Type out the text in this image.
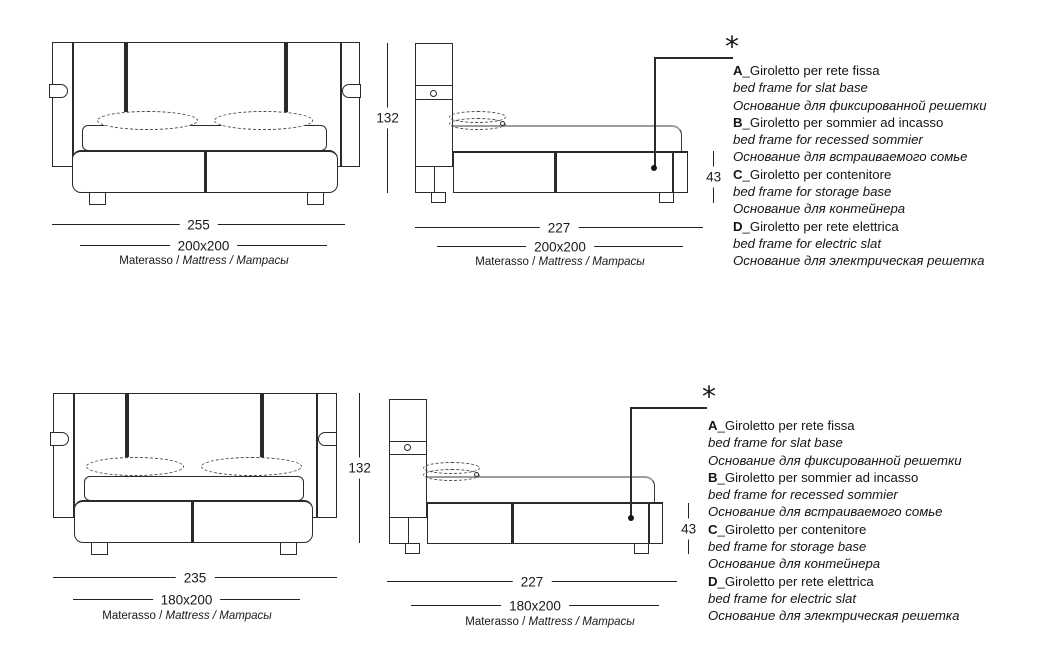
255
200x200
Materasso / Mattress / Матрасы
132
227
200x200
Materasso / Mattress / Матрасы
43
*
A_Giroletto per rete fissa
bed frame for slat base
Основание для фиксированной решетки
B_Giroletto per sommier ad incasso
bed frame for recessed sommier
Основание для встраиваемого сомье
C_Giroletto per contenitore
bed frame for storage base
Основание для контейнера
D_Giroletto per rete elettrica
bed frame for electric slat
Основание для электрическая решетка
235
180x200
Materasso / Mattress / Матрасы
132
227
180x200
Materasso / Mattress / Матрасы
43
*
A_Giroletto per rete fissa
bed frame for slat base
Основание для фиксированной решетки
B_Giroletto per sommier ad incasso
bed frame for recessed sommier
Основание для встраиваемого сомье
C_Giroletto per contenitore
bed frame for storage base
Основание для контейнера
D_Giroletto per rete elettrica
bed frame for electric slat
Основание для электрическая решетка
